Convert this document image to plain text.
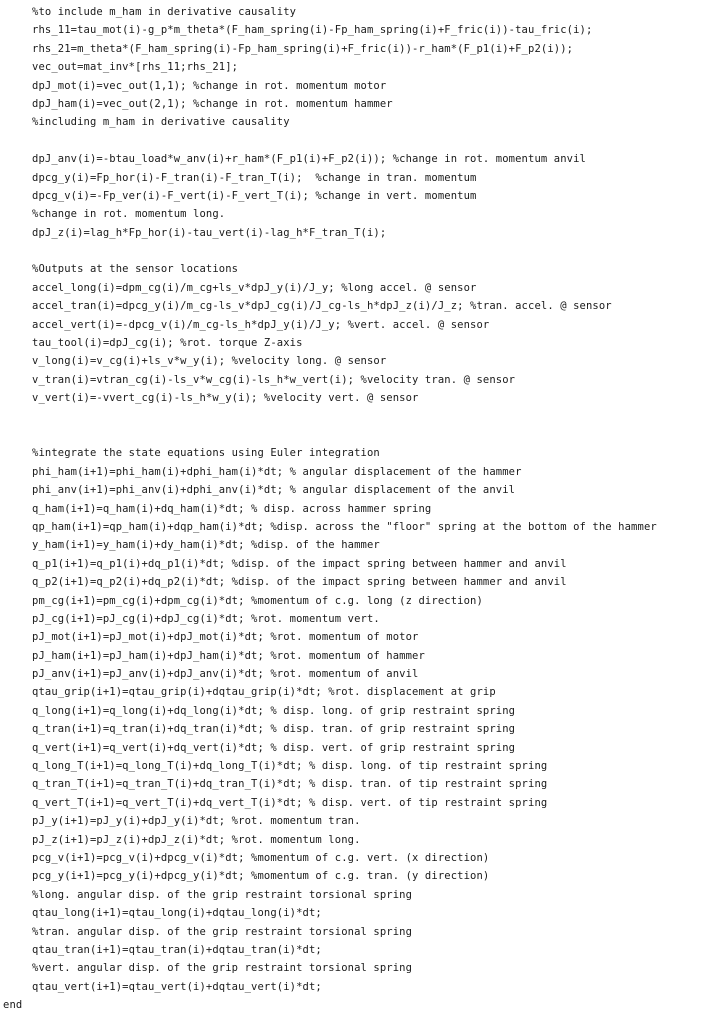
%to include m_ham in derivative causality
rhs_11=tau_mot(i)-g_p*m_theta*(F_ham_spring(i)-Fp_ham_spring(i)+F_fric(i))-tau_fric(i);
rhs_21=m_theta*(F_ham_spring(i)-Fp_ham_spring(i)+F_fric(i))-r_ham*(F_p1(i)+F_p2(i));
vec_out=mat_inv*[rhs_11;rhs_21];
dpJ_mot(i)=vec_out(1,1); %change in rot. momentum motor
dpJ_ham(i)=vec_out(2,1); %change in rot. momentum hammer
%including m_ham in derivative causality
dpJ_anv(i)=-btau_load*w_anv(i)+r_ham*(F_p1(i)+F_p2(i)); %change in rot. momentum anvil
dpcg_y(i)=Fp_hor(i)-F_tran(i)-F_tran_T(i);  %change in tran. momentum
dpcg_v(i)=-Fp_ver(i)-F_vert(i)-F_vert_T(i); %change in vert. momentum
%change in rot. momentum long.
dpJ_z(i)=lag_h*Fp_hor(i)-tau_vert(i)-lag_h*F_tran_T(i);
%Outputs at the sensor locations
accel_long(i)=dpm_cg(i)/m_cg+ls_v*dpJ_y(i)/J_y; %long accel. @ sensor
accel_tran(i)=dpcg_y(i)/m_cg-ls_v*dpJ_cg(i)/J_cg-ls_h*dpJ_z(i)/J_z; %tran. accel. @ sensor
accel_vert(i)=-dpcg_v(i)/m_cg-ls_h*dpJ_y(i)/J_y; %vert. accel. @ sensor
tau_tool(i)=dpJ_cg(i); %rot. torque Z-axis
v_long(i)=v_cg(i)+ls_v*w_y(i); %velocity long. @ sensor
v_tran(i)=vtran_cg(i)-ls_v*w_cg(i)-ls_h*w_vert(i); %velocity tran. @ sensor
v_vert(i)=-vvert_cg(i)-ls_h*w_y(i); %velocity vert. @ sensor
%integrate the state equations using Euler integration
phi_ham(i+1)=phi_ham(i)+dphi_ham(i)*dt; % angular displacement of the hammer
phi_anv(i+1)=phi_anv(i)+dphi_anv(i)*dt; % angular displacement of the anvil
q_ham(i+1)=q_ham(i)+dq_ham(i)*dt; % disp. across hammer spring
qp_ham(i+1)=qp_ham(i)+dqp_ham(i)*dt; %disp. across the "floor" spring at the bottom of the hammer
y_ham(i+1)=y_ham(i)+dy_ham(i)*dt; %disp. of the hammer
q_p1(i+1)=q_p1(i)+dq_p1(i)*dt; %disp. of the impact spring between hammer and anvil
q_p2(i+1)=q_p2(i)+dq_p2(i)*dt; %disp. of the impact spring between hammer and anvil
pm_cg(i+1)=pm_cg(i)+dpm_cg(i)*dt; %momentum of c.g. long (z direction)
pJ_cg(i+1)=pJ_cg(i)+dpJ_cg(i)*dt; %rot. momentum vert.
pJ_mot(i+1)=pJ_mot(i)+dpJ_mot(i)*dt; %rot. momentum of motor
pJ_ham(i+1)=pJ_ham(i)+dpJ_ham(i)*dt; %rot. momentum of hammer
pJ_anv(i+1)=pJ_anv(i)+dpJ_anv(i)*dt; %rot. momentum of anvil
qtau_grip(i+1)=qtau_grip(i)+dqtau_grip(i)*dt; %rot. displacement at grip
q_long(i+1)=q_long(i)+dq_long(i)*dt; % disp. long. of grip restraint spring
q_tran(i+1)=q_tran(i)+dq_tran(i)*dt; % disp. tran. of grip restraint spring
q_vert(i+1)=q_vert(i)+dq_vert(i)*dt; % disp. vert. of grip restraint spring
q_long_T(i+1)=q_long_T(i)+dq_long_T(i)*dt; % disp. long. of tip restraint spring
q_tran_T(i+1)=q_tran_T(i)+dq_tran_T(i)*dt; % disp. tran. of tip restraint spring
q_vert_T(i+1)=q_vert_T(i)+dq_vert_T(i)*dt; % disp. vert. of tip restraint spring
pJ_y(i+1)=pJ_y(i)+dpJ_y(i)*dt; %rot. momentum tran.
pJ_z(i+1)=pJ_z(i)+dpJ_z(i)*dt; %rot. momentum long.
pcg_v(i+1)=pcg_v(i)+dpcg_v(i)*dt; %momentum of c.g. vert. (x direction)
pcg_y(i+1)=pcg_y(i)+dpcg_y(i)*dt; %momentum of c.g. tran. (y direction)
%long. angular disp. of the grip restraint torsional spring
qtau_long(i+1)=qtau_long(i)+dqtau_long(i)*dt;
%tran. angular disp. of the grip restraint torsional spring
qtau_tran(i+1)=qtau_tran(i)+dqtau_tran(i)*dt;
%vert. angular disp. of the grip restraint torsional spring
qtau_vert(i+1)=qtau_vert(i)+dqtau_vert(i)*dt;
end
